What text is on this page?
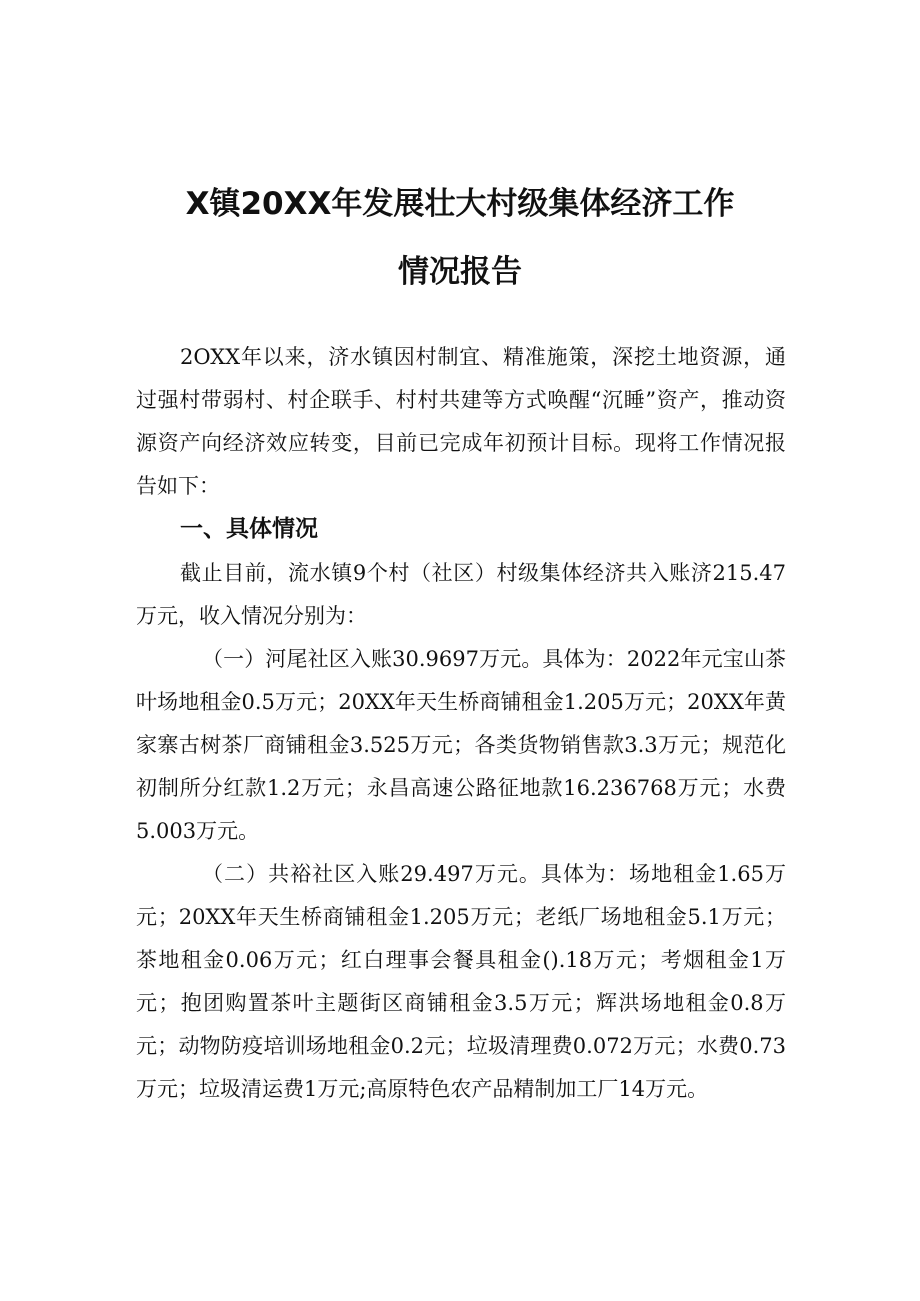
X镇20XX年发展壮大村级集体经济工作
情况报告

2OXX年以来，济水镇因村制宜、精准施策，深挖土地资源，通过强村带弱村、村企联手、村村共建等方式唤醒“沉睡”资产，推动资源资产向经济效应转变，目前已完成年初预计目标。现将工作情况报告如下：

一、具体情况

截止目前，流水镇9个村（社区）村级集体经济共入账济215.47万元，收入情况分别为：

（一）河尾社区入账30.9697万元。具体为：2022年元宝山茶叶场地租金0.5万元；20XX年天生桥商铺租金1.205万元；20XX年黄家寨古树茶厂商铺租金3.525万元；各类货物销售款3.3万元；规范化初制所分红款1.2万元；永昌高速公路征地款16.236768万元；水费5.003万元。

（二）共裕社区入账29.497万元。具体为：场地租金1.65万元；20XX年天生桥商铺租金1.205万元；老纸厂场地租金5.1万元；茶地租金0.06万元；红白理事会餐具租金().18万元；考烟租金1万元；抱团购置茶叶主题街区商铺租金3.5万元；辉洪场地租金0.8万元；动物防疫培训场地租金0.2元；垃圾清理费0.072万元；水费0.73万元；垃圾清运费1万元;高原特色农产品精制加工厂14万元。
